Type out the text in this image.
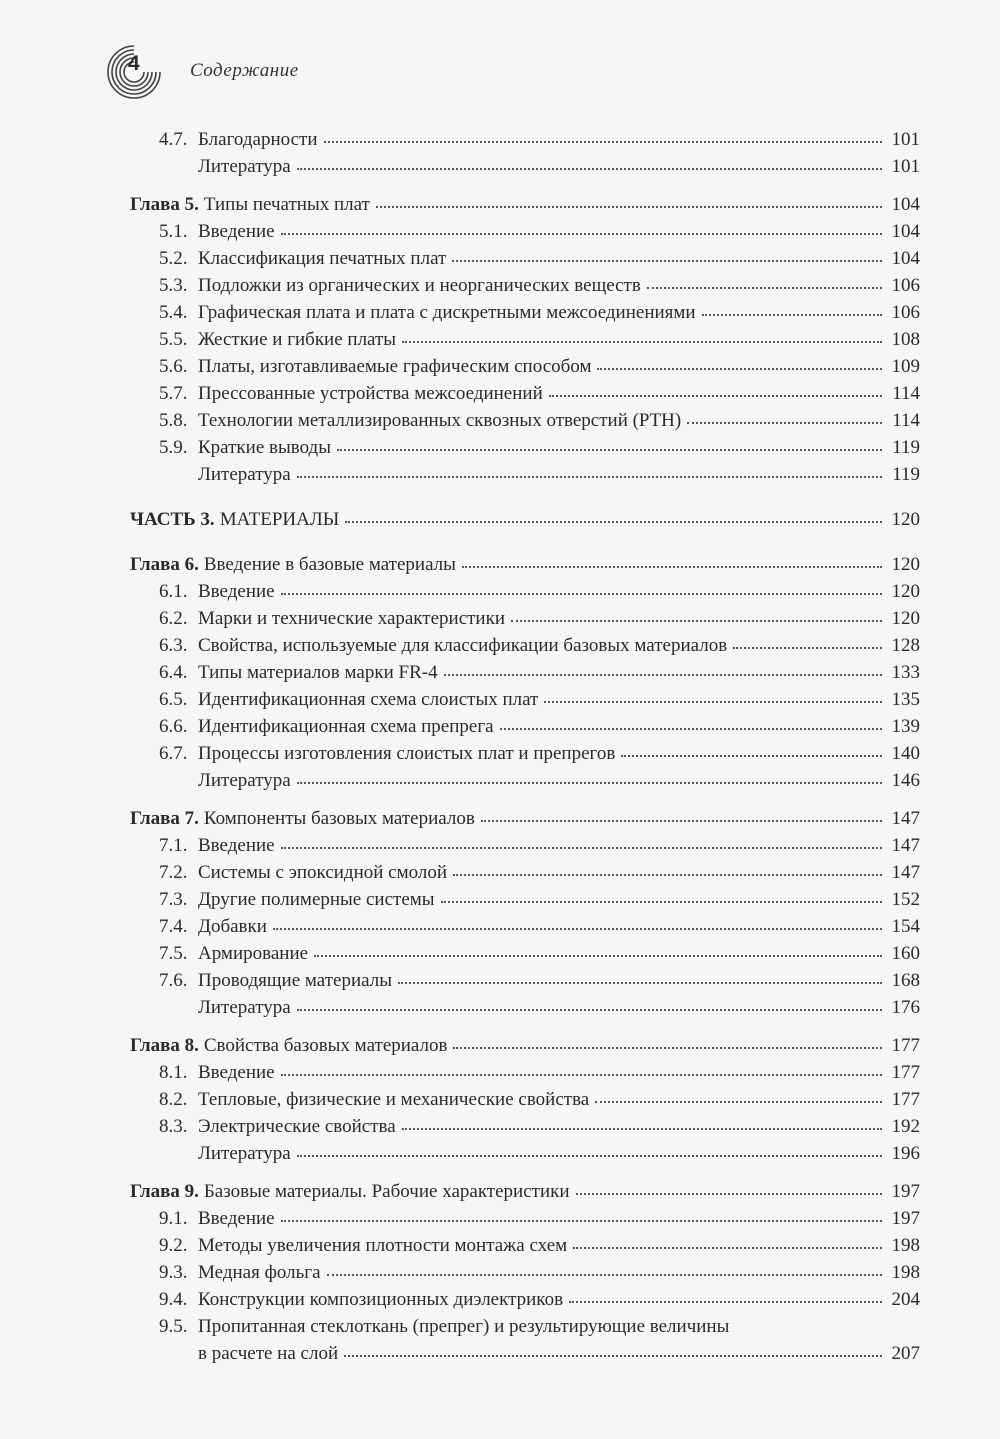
4	Содержание
4.7. Благодарности	101
Литература	101
Глава 5. Типы печатных плат	104
5.1. Введение	104
5.2. Классификация печатных плат	104
5.3. Подложки из органических и неорганических веществ	106
5.4. Графическая плата и плата с дискретными межсоединениями	106
5.5. Жесткие и гибкие платы	108
5.6. Платы, изготавливаемые графическим способом	109
5.7. Прессованные устройства межсоединений	114
5.8. Технологии металлизированных сквозных отверстий (PTH)	114
5.9. Краткие выводы	119
Литература	119
ЧАСТЬ 3. МАТЕРИАЛЫ	120
Глава 6. Введение в базовые материалы	120
6.1. Введение	120
6.2. Марки и технические характеристики	120
6.3. Свойства, используемые для классификации базовых материалов	128
6.4. Типы материалов марки FR-4	133
6.5. Идентификационная схема слоистых плат	135
6.6. Идентификационная схема препрега	139
6.7. Процессы изготовления слоистых плат и препрегов	140
Литература	146
Глава 7. Компоненты базовых материалов	147
7.1. Введение	147
7.2. Системы с эпоксидной смолой	147
7.3. Другие полимерные системы	152
7.4. Добавки	154
7.5. Армирование	160
7.6. Проводящие материалы	168
Литература	176
Глава 8. Свойства базовых материалов	177
8.1. Введение	177
8.2. Тепловые, физические и механические свойства	177
8.3. Электрические свойства	192
Литература	196
Глава 9. Базовые материалы. Рабочие характеристики	197
9.1. Введение	197
9.2. Методы увеличения плотности монтажа схем	198
9.3. Медная фольга	198
9.4. Конструкции композиционных диэлектриков	204
9.5. Пропитанная стеклоткань (препрег) и результирующие величины
в расчете на слой	207
